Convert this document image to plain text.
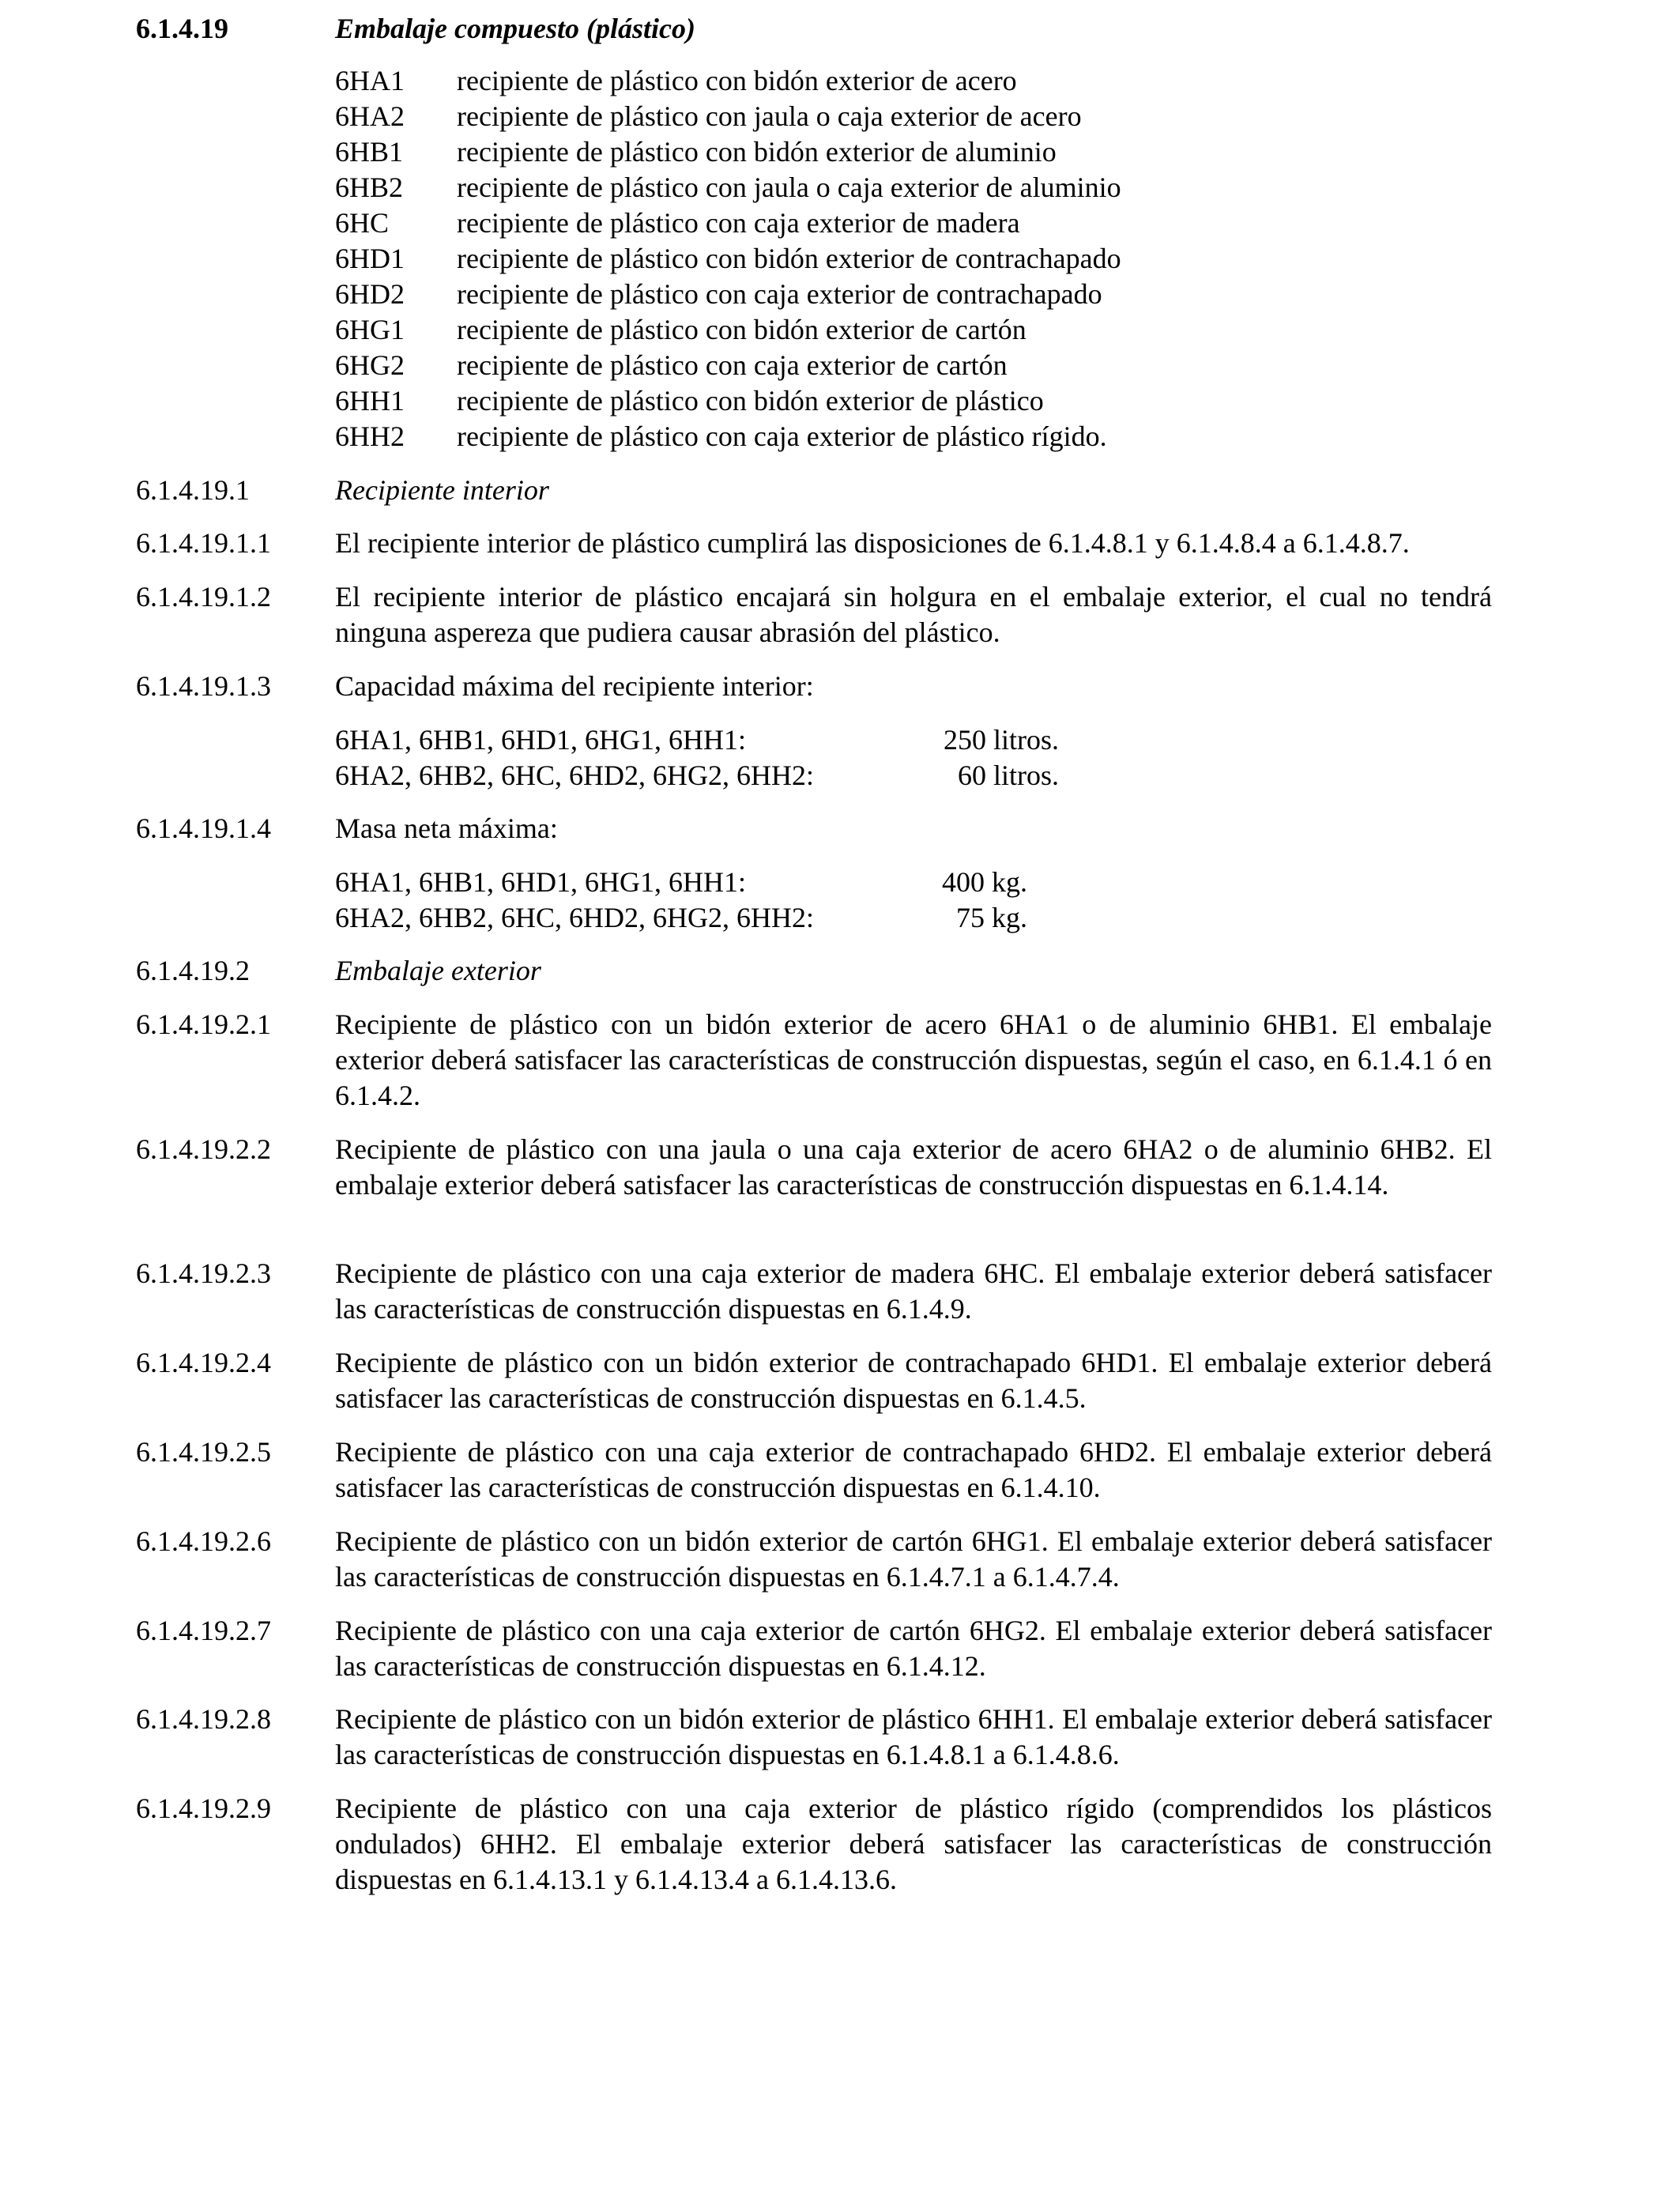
6.1.4.19	Embalaje compuesto (plástico)
6HA1 recipiente de plástico con bidón exterior de acero
6HA2 recipiente de plástico con jaula o caja exterior de acero
6HB1 recipiente de plástico con bidón exterior de aluminio
6HB2 recipiente de plástico con jaula o caja exterior de aluminio
6HC recipiente de plástico con caja exterior de madera
6HD1 recipiente de plástico con bidón exterior de contrachapado
6HD2 recipiente de plástico con caja exterior de contrachapado
6HG1 recipiente de plástico con bidón exterior de cartón
6HG2 recipiente de plástico con caja exterior de cartón
6HH1 recipiente de plástico con bidón exterior de plástico
6HH2 recipiente de plástico con caja exterior de plástico rígido.
6.1.4.19.1	Recipiente interior
6.1.4.19.1.1 El recipiente interior de plástico cumplirá las disposiciones de 6.1.4.8.1 y 6.1.4.8.4 a 6.1.4.8.7.
6.1.4.19.1.2 El recipiente interior de plástico encajará sin holgura en el embalaje exterior, el cual no tendrá ninguna aspereza que pudiera causar abrasión del plástico.
6.1.4.19.1.3 Capacidad máxima del recipiente interior:
6HA1, 6HB1, 6HD1, 6HG1, 6HH1:	250 litros.
6HA2, 6HB2, 6HC, 6HD2, 6HG2, 6HH2:	60 litros.
6.1.4.19.1.4 Masa neta máxima:
6HA1, 6HB1, 6HD1, 6HG1, 6HH1:	400 kg.
6HA2, 6HB2, 6HC, 6HD2, 6HG2, 6HH2:	75 kg.
6.1.4.19.2	Embalaje exterior
6.1.4.19.2.1 Recipiente de plástico con un bidón exterior de acero 6HA1 o de aluminio 6HB1. El embalaje exterior deberá satisfacer las características de construcción dispuestas, según el caso, en 6.1.4.1 ó en 6.1.4.2.
6.1.4.19.2.2 Recipiente de plástico con una jaula o una caja exterior de acero 6HA2 o de aluminio 6HB2. El embalaje exterior deberá satisfacer las características de construcción dispuestas en 6.1.4.14.
6.1.4.19.2.3 Recipiente de plástico con una caja exterior de madera 6HC. El embalaje exterior deberá satisfacer las características de construcción dispuestas en 6.1.4.9.
6.1.4.19.2.4 Recipiente de plástico con un bidón exterior de contrachapado 6HD1. El embalaje exterior deberá satisfacer las características de construcción dispuestas en 6.1.4.5.
6.1.4.19.2.5 Recipiente de plástico con una caja exterior de contrachapado 6HD2. El embalaje exterior deberá satisfacer las características de construcción dispuestas en 6.1.4.10.
6.1.4.19.2.6 Recipiente de plástico con un bidón exterior de cartón 6HG1. El embalaje exterior deberá satisfacer las características de construcción dispuestas en 6.1.4.7.1 a 6.1.4.7.4.
6.1.4.19.2.7 Recipiente de plástico con una caja exterior de cartón 6HG2. El embalaje exterior deberá satisfacer las características de construcción dispuestas en 6.1.4.12.
6.1.4.19.2.8 Recipiente de plástico con un bidón exterior de plástico 6HH1. El embalaje exterior deberá satisfacer las características de construcción dispuestas en 6.1.4.8.1 a 6.1.4.8.6.
6.1.4.19.2.9 Recipiente de plástico con una caja exterior de plástico rígido (comprendidos los plásticos ondulados) 6HH2. El embalaje exterior deberá satisfacer las características de construcción dispuestas en 6.1.4.13.1 y 6.1.4.13.4 a 6.1.4.13.6.
